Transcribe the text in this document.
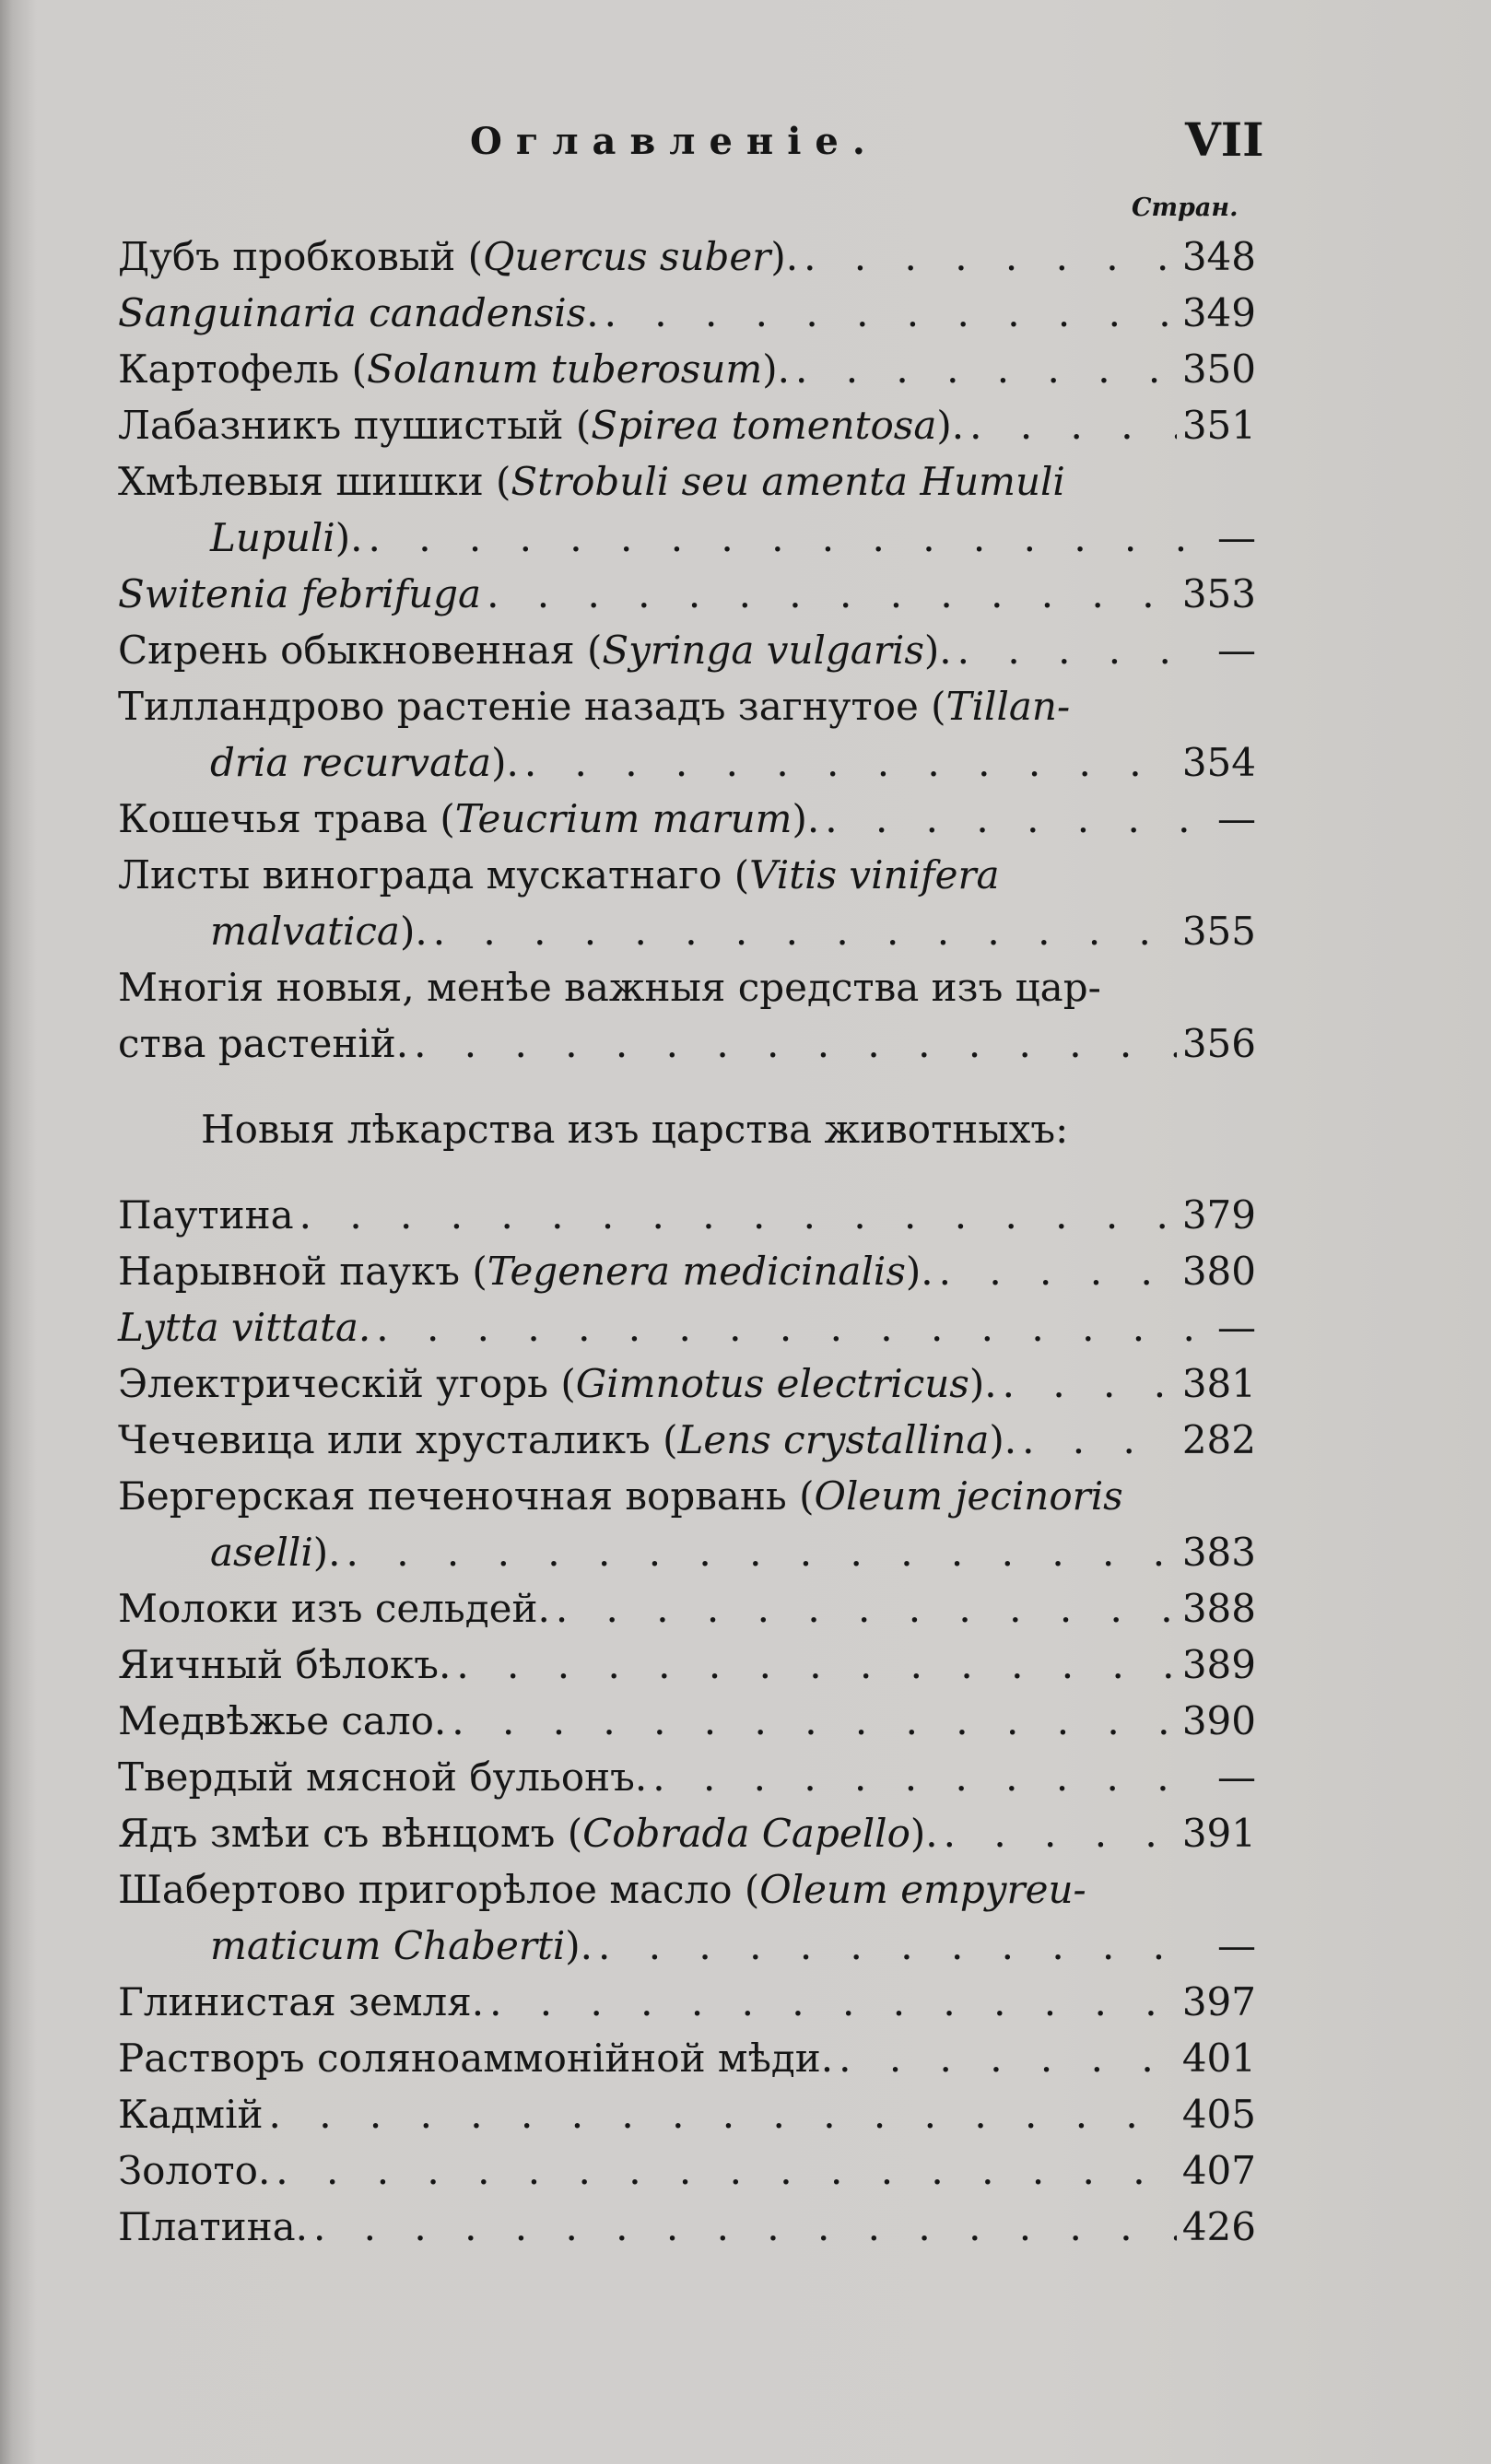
Оглавленіе.	VII
Стран.
Дубъ пробковый (Quercus suber). . . .	348
Sanguinaria canadensis. . . .	349
Картофель (Solanum tuberosum). . . .	350
Лабазникъ пушистый (Spirea tomentosa). . . .	351
Хмѣлевыя шишки (Strobuli seu amenta Humuli
Lupuli). . . .	—
Switenia febrifuga . . .	353
Сирень обыкновенная (Syringa vulgaris). . . .	—
Тилландрово растеніе назадъ загнутое (Tillan-
dria recurvata). . . .	354
Кошечья трава (Teucrium marum). . . .	—
Листы винограда мускатнаго (Vitis vinifera
malvatica). . . .	355
Многія новыя, менѣе важныя средства изъ цар-
ства растеній. . . .	356
Новыя лѣкарства изъ царства животныхъ:
Паутина . . .	379
Нарывной паукъ (Tegenera medicinalis). . . .	380
Lytta vittata. . . .	—
Электрическій угорь (Gimnotus electricus). . . .	381
Чечевица или хрусталикъ (Lens crystallina). . . .	282
Бергерская печеночная ворвань (Oleum jecinoris
aselli). . . .	383
Молоки изъ сельдей. . . .	388
Яичный бѣлокъ. . . .	389
Медвѣжье сало. . . .	390
Твердый мясной бульонъ. . . .	—
Ядъ змѣи съ вѣнцомъ (Cobrada Capello). . . .	391
Шабертово пригорѣлое масло (Oleum empyreu-
maticum Chaberti). . . .	—
Глинистая земля. . . .	397
Растворъ солянoаммонійной мѣди. . . .	401
Кадмій . . .	405
Золото. . . .	407
Платина. . . .	426
